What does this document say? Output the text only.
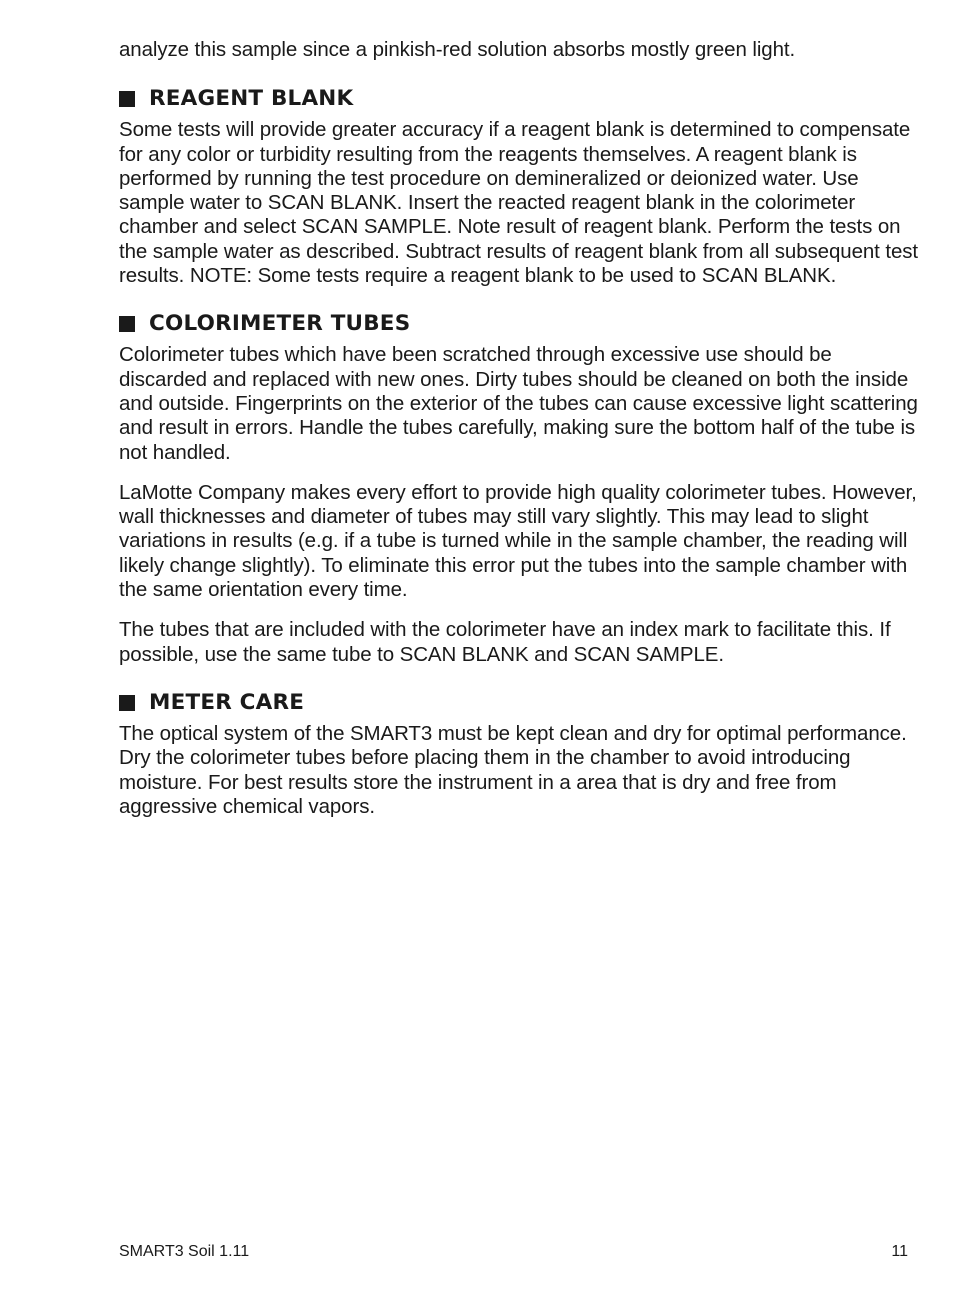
analyze this sample since a pinkish-red solution absorbs mostly green light.

REAGENT BLANK

Some tests will provide greater accuracy if a reagent blank is determined to compensate for any color or turbidity resulting from the reagents themselves. A reagent blank is performed by running the test procedure on demineralized or deionized water. Use sample water to SCAN BLANK. Insert the reacted reagent blank in the colorimeter chamber and select SCAN SAMPLE. Note result of reagent blank. Perform the tests on the sample water as described. Subtract results of reagent blank from all subsequent test results. NOTE: Some tests require a reagent blank to be used to SCAN BLANK.

COLORIMETER TUBES

Colorimeter tubes which have been scratched through excessive use should be discarded and replaced with new ones. Dirty tubes should be cleaned on both the inside and outside. Fingerprints on the exterior of the tubes can cause excessive light scattering and result in errors. Handle the tubes carefully, making sure the bottom half of the tube is not handled.

LaMotte Company makes every effort to provide high quality colorimeter tubes. However, wall thicknesses and diameter of tubes may still vary slightly. This may lead to slight variations in results (e.g. if a tube is turned while in the sample chamber, the reading will likely change slightly). To eliminate this error put the tubes into the sample chamber with the same orientation every time.

The tubes that are included with the colorimeter have an index mark to facilitate this. If possible, use the same tube to SCAN BLANK and SCAN SAMPLE.

METER CARE

The optical system of the SMART3 must be kept clean and dry for optimal performance. Dry the colorimeter tubes before placing them in the chamber to avoid introducing moisture. For best results store the instrument in a area that is dry and free from aggressive chemical vapors.

SMART3 Soil 1.11	11
